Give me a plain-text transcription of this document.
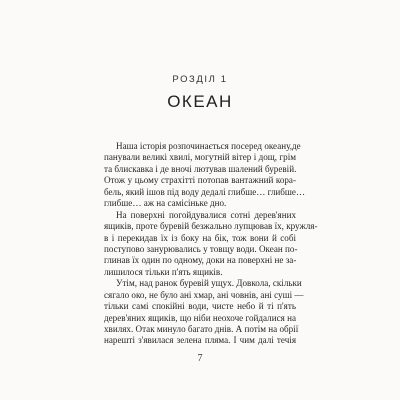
РОЗДІЛ 1
ОКЕАН
Наша історія розпочинається посеред океану,де
панували великі хвилі, могутній вітер і дощ, грім
та блискавка і де вночі лютував шалений буревій.
Отож у цьому страхітті потопав вантажний кора-
бель, який ішов під воду дедалі глибше… глибше…
глибше… аж на самісіньке дно.
На поверхні погойдувалися сотні дерев'яних
ящиків, проте буревій безжально лупцював їх, кружля-
в і перекидав їх із боку на бік, тож вони й собі
поступово занурювались у товщу води. Океан по-
глинав їх один по одному, доки на поверхні не за-
лишилося тільки п'ять ящиків.
Утім, над ранок буревій ущух. Довкола, скільки
сягало око, не було ані хмар, ані човнів, ані суші —
тільки самі спокійні води, чисте небо й ті п'ять
дерев'яних ящиків, що ніби неохоче гойдалися на
хвилях. Отак минуло багато днів. А потім на обрії
нарешті з'явилася зелена пляма. І чим далі течія
7
